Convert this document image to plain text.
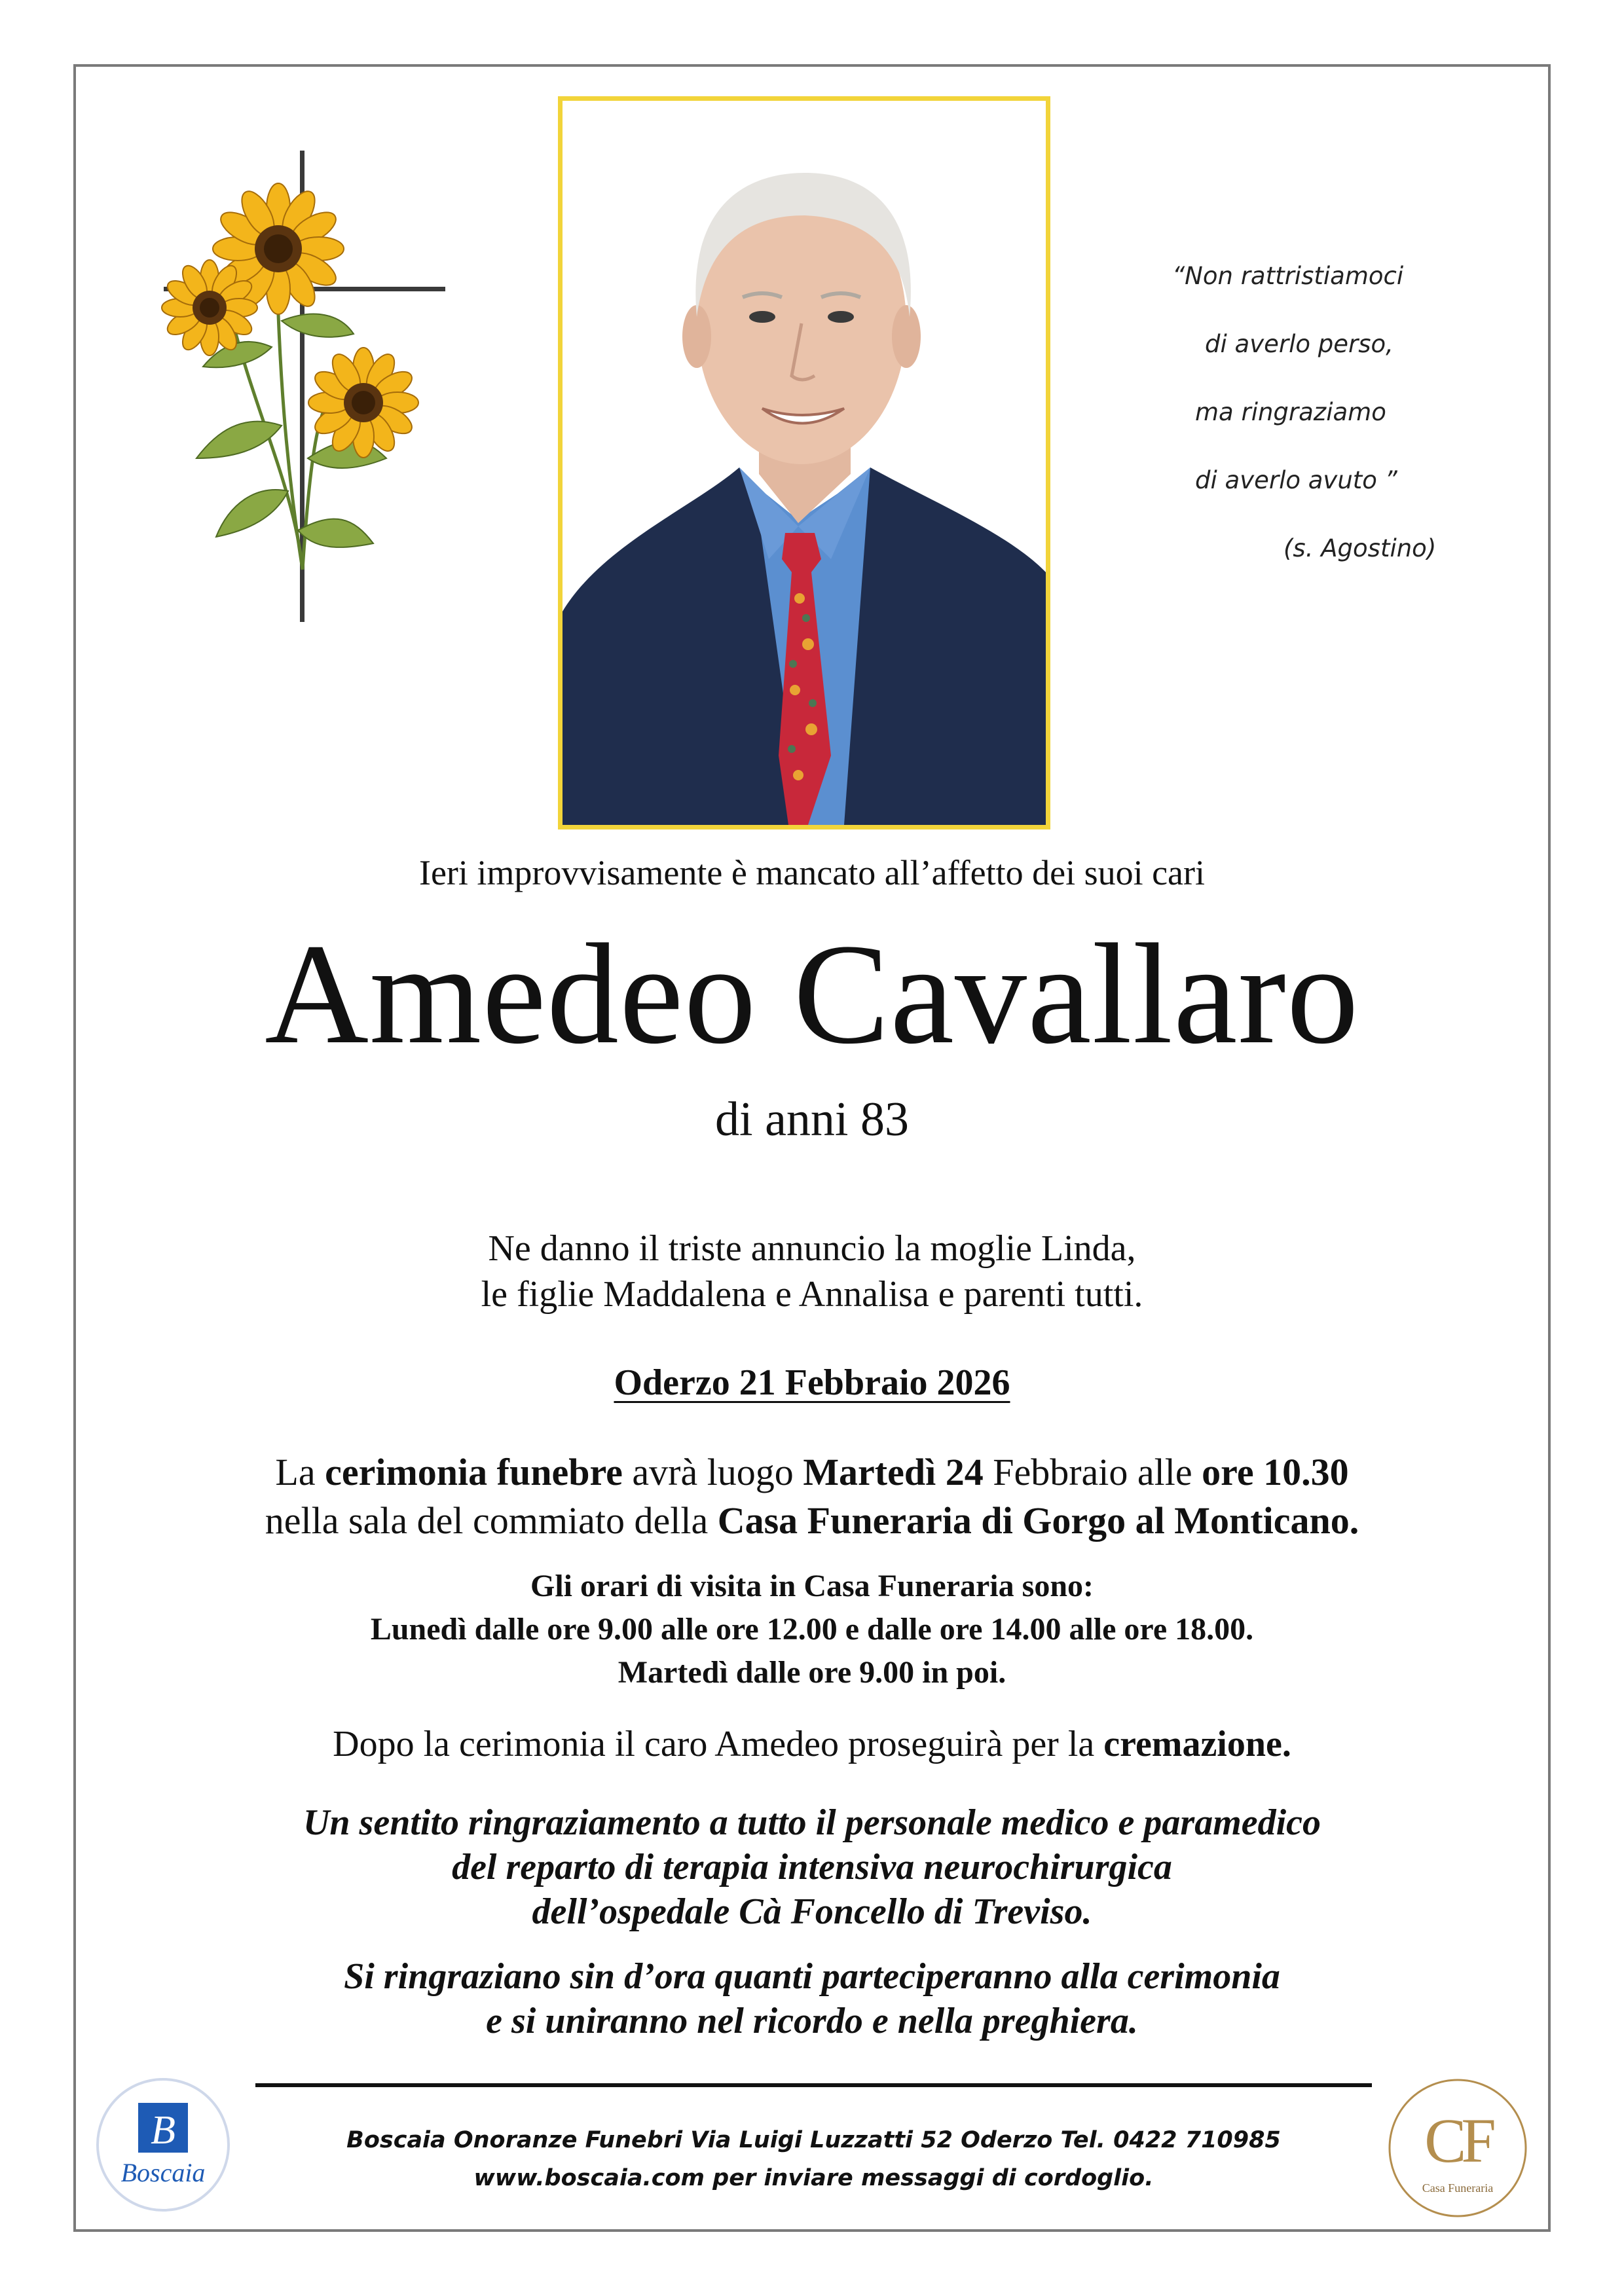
“Non rattristiamoci
di averlo perso,
ma ringraziamo
di averlo avuto ”
(s. Agostino)
Ieri improvvisamente è mancato all’affetto dei suoi cari
Amedeo Cavallaro
di anni 83
Ne danno il triste annuncio la moglie Linda,
le figlie Maddalena e Annalisa e parenti tutti.
Oderzo 21 Febbraio 2026
La cerimonia funebre avrà luogo Martedì 24 Febbraio alle ore 10.30
nella sala del commiato della Casa Funeraria di Gorgo al Monticano.
Gli orari di visita in Casa Funeraria sono:
Lunedì dalle ore 9.00 alle ore 12.00 e dalle ore 14.00 alle ore 18.00.
Martedì dalle ore 9.00 in poi.
Dopo la cerimonia il caro Amedeo proseguirà per la cremazione.
Un sentito ringraziamento a tutto il personale medico e paramedico
del reparto di terapia intensiva neurochirurgica
dell’ospedale Cà Foncello di Treviso.
Si ringraziano sin d’ora quanti parteciperanno alla cerimonia
e si uniranno nel ricordo e nella preghiera.
B
Boscaia
Boscaia Onoranze Funebri Via Luigi Luzzatti 52 Oderzo Tel. 0422 710985
www.boscaia.com per inviare messaggi di cordoglio.
CF
Casa Funeraria
